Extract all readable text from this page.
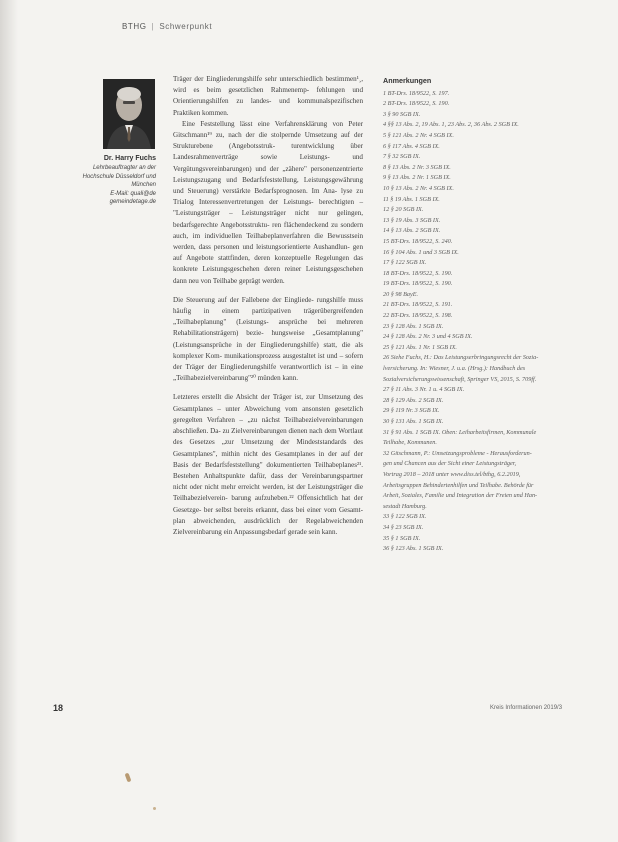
BTHG | Schwerpunkt
Dr. Harry Fuchs
Lehrbeauftragter an der
Hochschule Düsseldorf und
München
E-Mail: quali@de
gemeindetage.de

Träger der Eingliederungshilfe sehr unterschiedlich bestimmen¹¸, wird es beim gesetzlichen Rahmenemp- fehlungen und Orientierungshilfen zu landes- und kommunalspezifischen Praktiken kommen.

Eine Feststellung lässt eine Verfahrensklärung von Peter Gitschmann¹⁹ zu, nach der die stolpernde Umsetzung auf der Strukturebene (Angebotsstruk- turentwicklung über Landesrahmenverträge sowie	Leistungs- und Vergütungsvereinbarungen) und der „zähere" personenzentrierte Leistungszugang und Bedarfsfeststellung, Leistungsgewährung und Steuerung) verstärkte Bedarfsprognosen. Im Ana- lyse zu Trialog Interessenvertretungen der Leistungs- berechtigten – "Leistungsträger – Leistungsträger nicht nur gelingen, bedarfsgerechte Angebotsstruktu- ren flächendeckend zu sondern auch, im individuellen Teilhabeplanverfahren die Bewusstsein werden, dass personen und leistungsorientierte Aushandlun- gen auf Angebote stattfinden, deren konzeptuelle Regelungen das konkrete Leistungsgeschehen deren reiner Leistungsgeschehen dann neu von Teilhabe geprägt werden.

Die Steuerung auf der Fallebene der Eingliede- rungshilfe muss häufig in einem partizipativen trägerübergreifenden „Teilhabeplanung" (Leistungs- ansprüche bei mehreren Rehabilitationsträgern) bezie- hungsweise „Gesamtplanung" (Leistungsansprüche in der Eingliederungshilfe) statt, die als komplexer Kom- munikationsprozess ausgestaltet ist und – sofern der Träger der Eingliederungshilfe verantwortlich ist – in eine „Teilhabezielvereinbarung"²⁰ münden kann.

Letzteres erstellt die Absicht der Träger ist, zur Umsetzung des Gesamtplanes – unter Abweichung vom ansonsten gesetzlich geregelten Verfahren – „zu nächst Teilhabezielvereinbarungen abschließen. Da- zu Zielvereinbarungen dienen nach dem Wortlaut des Gesetzes „zur Umsetzung der Mindeststandards des Gesamtplanes", mithin nicht des Gesamtplanes in der auf der Basis der Bedarfsfeststellung" dokumentierten Teilhabeplanes²¹. Bestehen Anhaltspunkte dafür, dass der Vereinbarungspartner nicht oder nicht mehr erreicht werden, ist der Leistungsträger die Teilhabezielverein- barung aufzuheben.²² Offensichtlich hat der Gesetzge- ber selbst bereits erkannt, dass bei einer vom Gesamt- plan abweichenden, ausdrücklich der Regelabweichenden Zielvereinbarung ein Anpassungsbedarf gerade sein kann.

Anmerkungen
1 BT-Drs. 18/9522, S. 197.
2 BT-Drs. 18/9522, S. 190.
3 § 90 SGB IX.
4 §§ 13 Abs. 2, 19 Abs. 1, 23 Abs. 2, 36 Abs. 2 SGB IX.
5 § 121 Abs. 2 Nr. 4 SGB IX.
6 § 117 Abs. 4 SGB IX.
7 § 32 SGB IX.
8 § 13 Abs. 2 Nr. 3 SGB IX.
9 § 13 Abs. 2 Nr. 1 SGB IX.
10 § 13 Abs. 2 Nr. 4 SGB IX.
11 § 19 Abs. 1 SGB IX.
12 § 20 SGB IX.
13 § 19 Abs. 3 SGB IX.
14 § 13 Abs. 2 SGB IX.
15 BT-Drs. 18/9522, S. 240.
16 § 104 Abs. 1 und 3 SGB IX.
17 § 122 SGB IX.
18 BT-Drs. 18/9522, S. 190.
19 BT-Drs. 18/9522, S. 190.
20 § 98 BayE.
21 BT-Drs. 18/9522, S. 191.
22 BT-Drs. 18/9522, S. 198.
23 § 128 Abs. 1 SGB IX.
24 § 128 Abs. 2 Nr. 3 und 4 SGB IX.
25 § 121 Abs. 1 Nr. 1 SGB IX.
26 Siehe Fuchs, H.: Das Leistungserbringungsrecht der Sozia-
lversicherung. In: Wiesner, J. u.a. (Hrsg.): Handbuch des
Sozialversicherungswissenschaft, Springer VS, 2015, S. 709ff.
27 § 11 Abs. 3 Nr. 1 u. 4 SGB IX.
28 § 129 Abs. 2 SGB IX.
29 § 119 Nr. 3 SGB IX.
30 § 131 Abs. 1 SGB IX.
31 § 91 Abs. 1 SGB IX. Oben: Leiharbeitsfirmen, Kommunale
Teilhabe, Kommunen.
32 Gitschmann, P.: Umsetzungsprobleme - Herausforderun-
gen und Chancen aus der Sicht einer Leistungsträger,
Vortrag 2018 – 2018 unter www.diss.tel/bthg, 6.2.2019,
Arbeitsgruppen Behindertenhilfen und Teilhabe. Behörde für
Arbeit, Soziales, Familie und Integration der Freien und Han-
sestadt Hamburg.
33 § 122 SGB IX.
34 § 23 SGB IX.
35 § 1 SGB IX.
36 § 123 Abs. 1 SGB IX.
18	Kreis Informationen 2019/3
